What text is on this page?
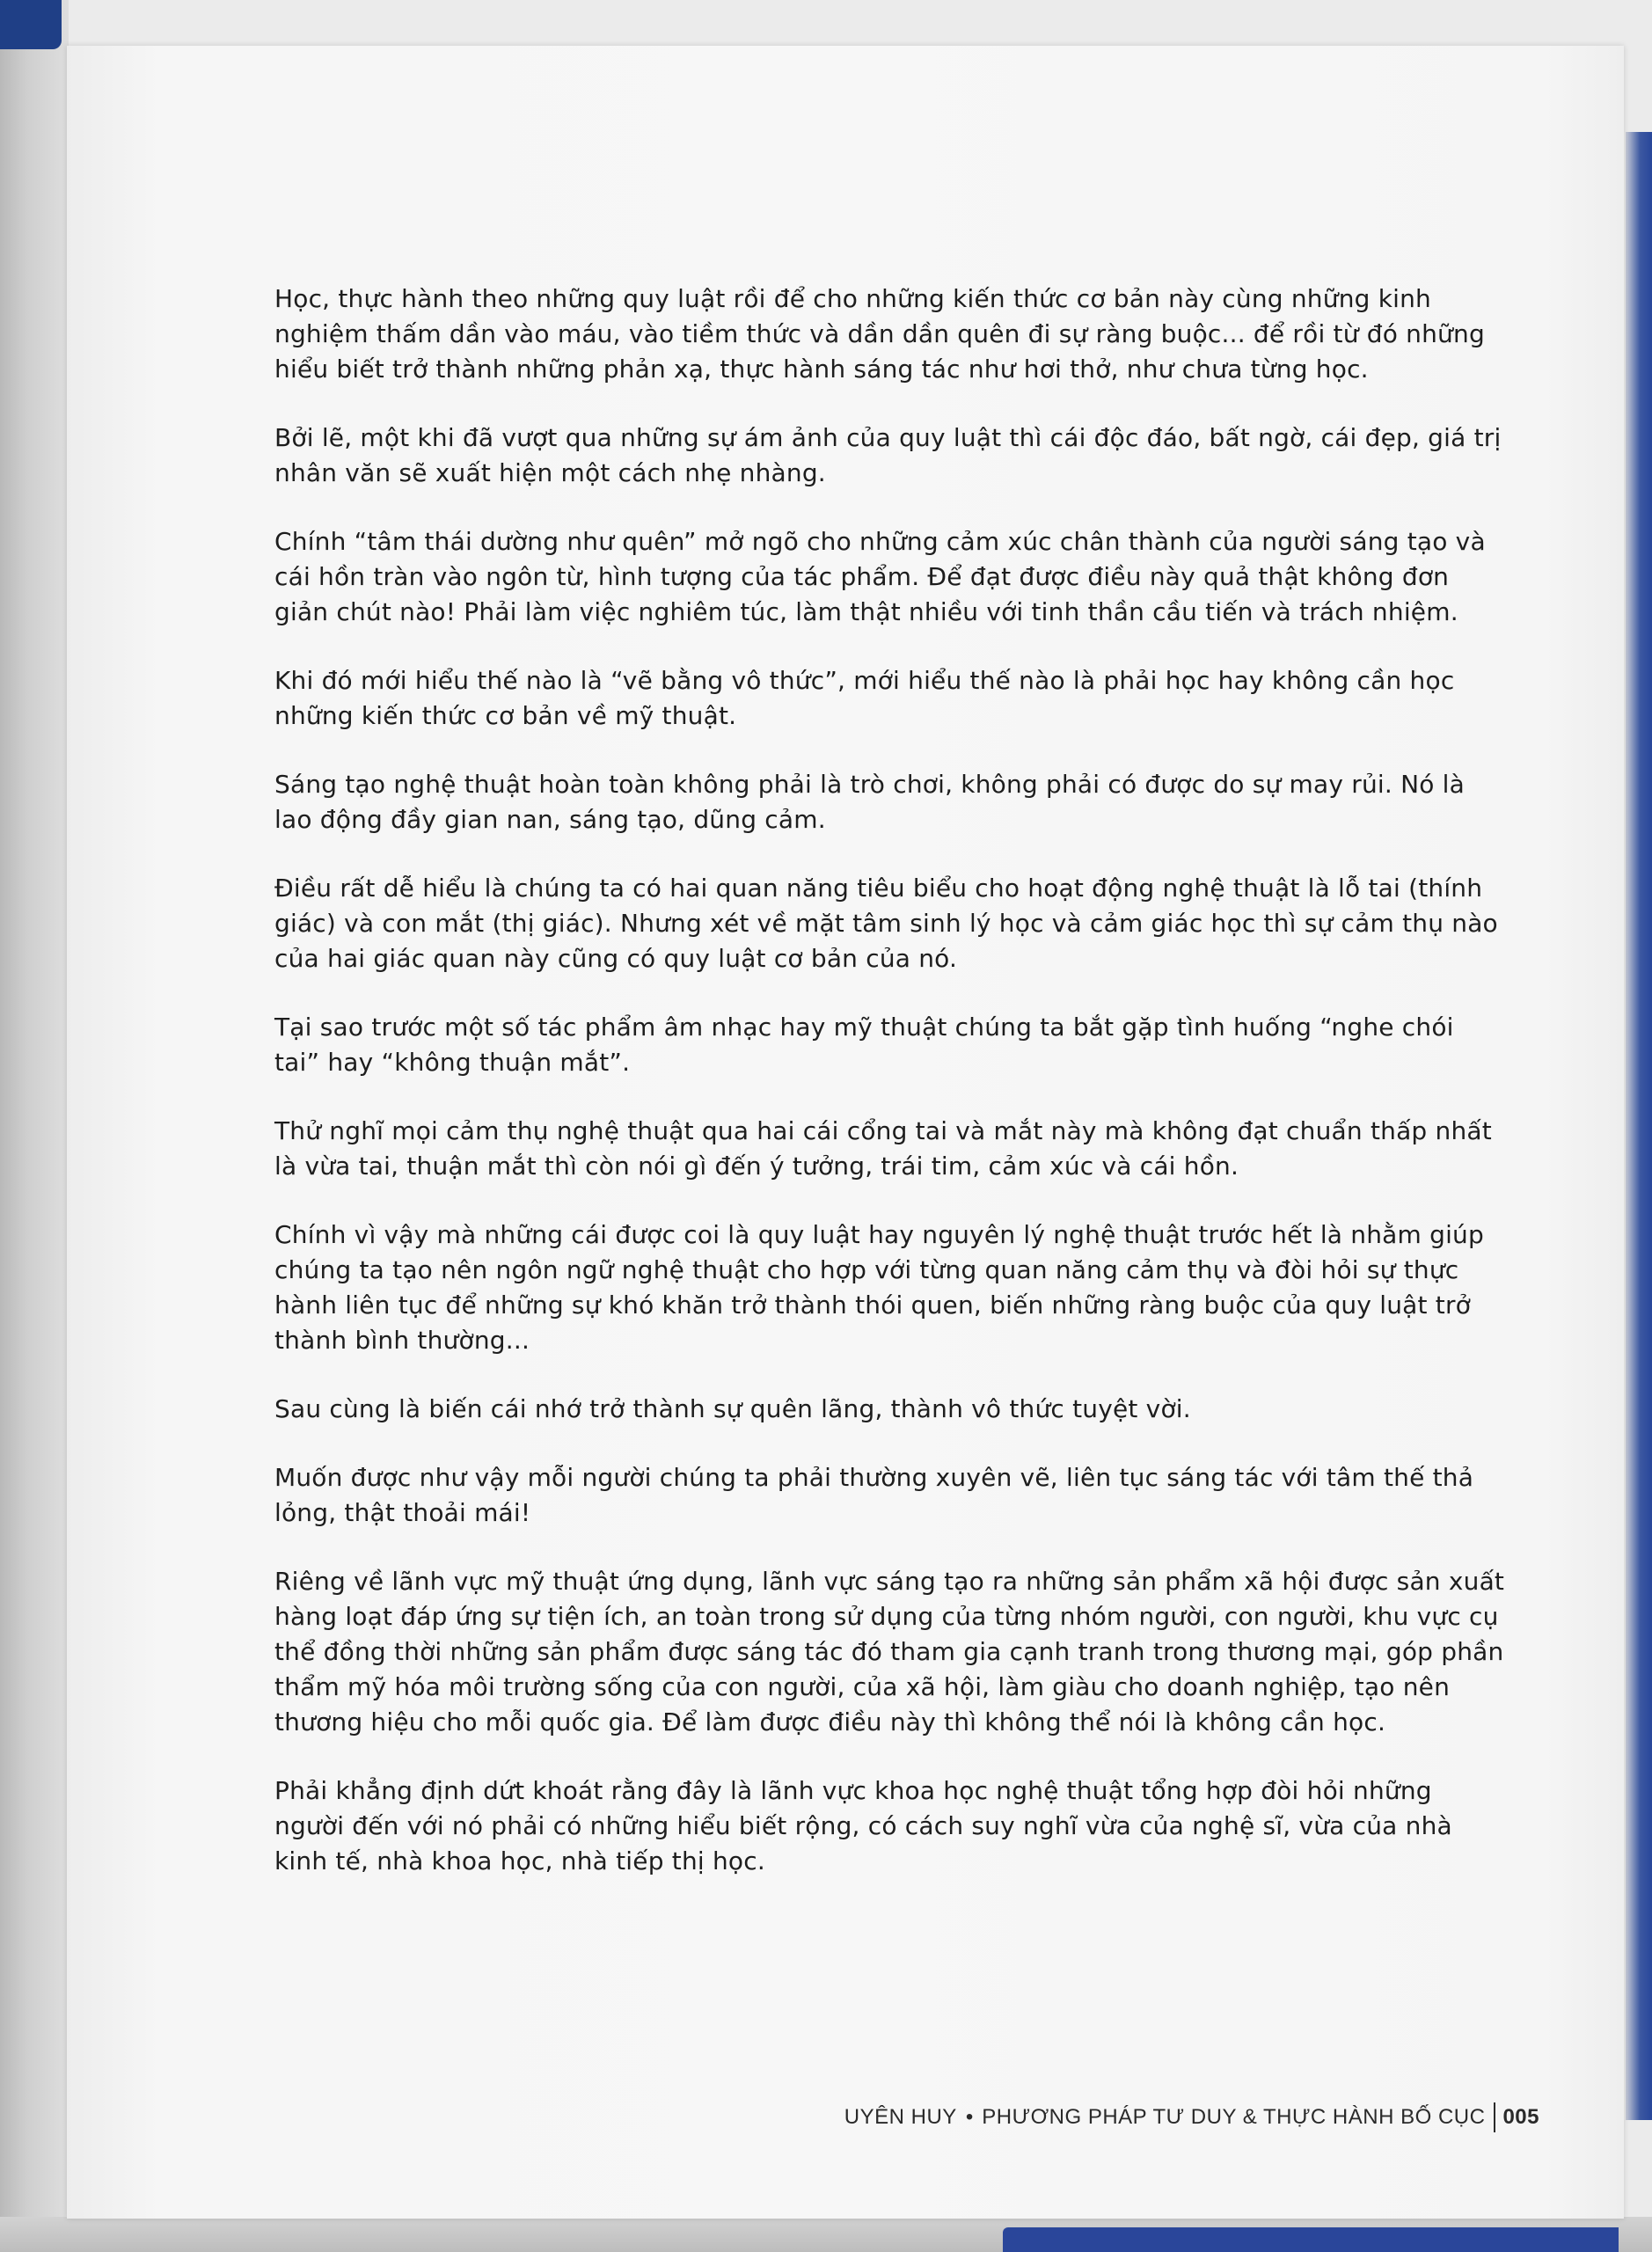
Học, thực hành theo những quy luật rồi để cho những kiến thức cơ bản này cùng những kinh nghiệm thấm dần vào máu, vào tiềm thức và dần dần quên đi sự ràng buộc... để rồi từ đó những hiểu biết trở thành những phản xạ, thực hành sáng tác như hơi thở, như chưa từng học.

Bởi lẽ, một khi đã vượt qua những sự ám ảnh của quy luật thì cái độc đáo, bất ngờ, cái đẹp, giá trị nhân văn sẽ xuất hiện một cách nhẹ nhàng.

Chính “tâm thái dường như quên” mở ngõ cho những cảm xúc chân thành của người sáng tạo và cái hồn tràn vào ngôn từ, hình tượng của tác phẩm. Để đạt được điều này quả thật không đơn giản chút nào! Phải làm việc nghiêm túc, làm thật nhiều với tinh thần cầu tiến và trách nhiệm.

Khi đó mới hiểu thế nào là “vẽ bằng vô thức”, mới hiểu thế nào là phải học hay không cần học những kiến thức cơ bản về mỹ thuật.

Sáng tạo nghệ thuật hoàn toàn không phải là trò chơi, không phải có được do sự may rủi. Nó là lao động đầy gian nan, sáng tạo, dũng cảm.

Điều rất dễ hiểu là chúng ta có hai quan năng tiêu biểu cho hoạt động nghệ thuật là lỗ tai (thính giác) và con mắt (thị giác). Nhưng xét về mặt tâm sinh lý học và cảm giác học thì sự cảm thụ nào của hai giác quan này cũng có quy luật cơ bản của nó.

Tại sao trước một số tác phẩm âm nhạc hay mỹ thuật chúng ta bắt gặp tình huống “nghe chói tai” hay “không thuận mắt”.

Thử nghĩ mọi cảm thụ nghệ thuật qua hai cái cổng tai và mắt này mà không đạt chuẩn thấp nhất là vừa tai, thuận mắt thì còn nói gì đến ý tưởng, trái tim, cảm xúc và cái hồn.

Chính vì vậy mà những cái được coi là quy luật hay nguyên lý nghệ thuật trước hết là nhằm giúp chúng ta tạo nên ngôn ngữ nghệ thuật cho hợp với từng quan năng cảm thụ và đòi hỏi sự thực hành liên tục để những sự khó khăn trở thành thói quen, biến những ràng buộc của quy luật trở thành bình thường...

Sau cùng là biến cái nhớ trở thành sự quên lãng, thành vô thức tuyệt vời.

Muốn được như vậy mỗi người chúng ta phải thường xuyên vẽ, liên tục sáng tác với tâm thế thả lỏng, thật thoải mái!

Riêng về lãnh vực mỹ thuật ứng dụng, lãnh vực sáng tạo ra những sản phẩm xã hội được sản xuất hàng loạt đáp ứng sự tiện ích, an toàn trong sử dụng của từng nhóm người, con người, khu vực cụ thể đồng thời những sản phẩm được sáng tác đó tham gia cạnh tranh trong thương mại, góp phần thẩm mỹ hóa môi trường sống của con người, của xã hội, làm giàu cho doanh nghiệp, tạo nên thương hiệu cho mỗi quốc gia. Để làm được điều này thì không thể nói là không cần học.

Phải khẳng định dứt khoát rằng đây là lãnh vực khoa học nghệ thuật tổng hợp đòi hỏi những người đến với nó phải có những hiểu biết rộng, có cách suy nghĩ vừa của nghệ sĩ, vừa của nhà kinh tế, nhà khoa học, nhà tiếp thị học.

UYÊN HUY • PHƯƠNG PHÁP TƯ DUY & THỰC HÀNH BỐ CỤC 005
